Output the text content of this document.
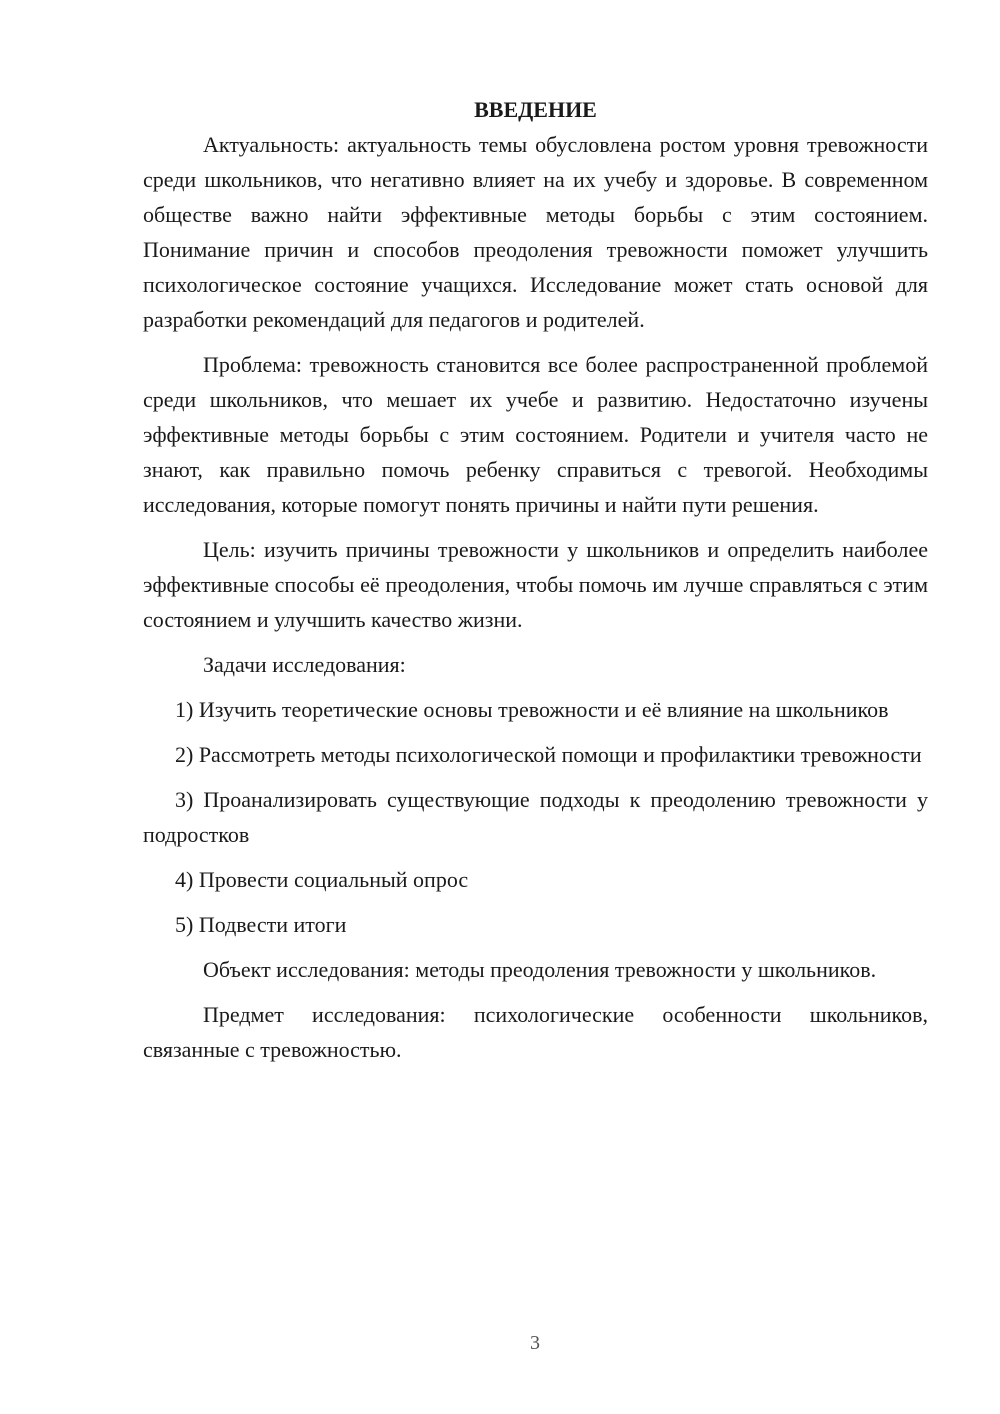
ВВЕДЕНИЕ

Актуальность: актуальность темы обусловлена ростом уровня тревожности среди школьников, что негативно влияет на их учебу и здоровье. В современном обществе важно найти эффективные методы борьбы с этим состоянием. Понимание причин и способов преодоления тревожности поможет улучшить психологическое состояние учащихся. Исследование может стать основой для разработки рекомендаций для педагогов и родителей.

Проблема: тревожность становится все более распространенной проблемой среди школьников, что мешает их учебе и развитию. Недостаточно изучены эффективные методы борьбы с этим состоянием. Родители и учителя часто не знают, как правильно помочь ребенку справиться с тревогой. Необходимы исследования, которые помогут понять причины и найти пути решения.

Цель: изучить причины тревожности у школьников и определить наиболее эффективные способы её преодоления, чтобы помочь им лучше справляться с этим состоянием и улучшить качество жизни.

Задачи исследования:

1) Изучить теоретические основы тревожности и её влияние на школьников

2) Рассмотреть методы психологической помощи и профилактики тревожности

3) Проанализировать существующие подходы к преодолению тревожности у подростков

4) Провести социальный опрос

5) Подвести итоги

Объект исследования: методы преодоления тревожности у школьников.

Предмет исследования: психологические особенности школьников, связанные с тревожностью.

3
